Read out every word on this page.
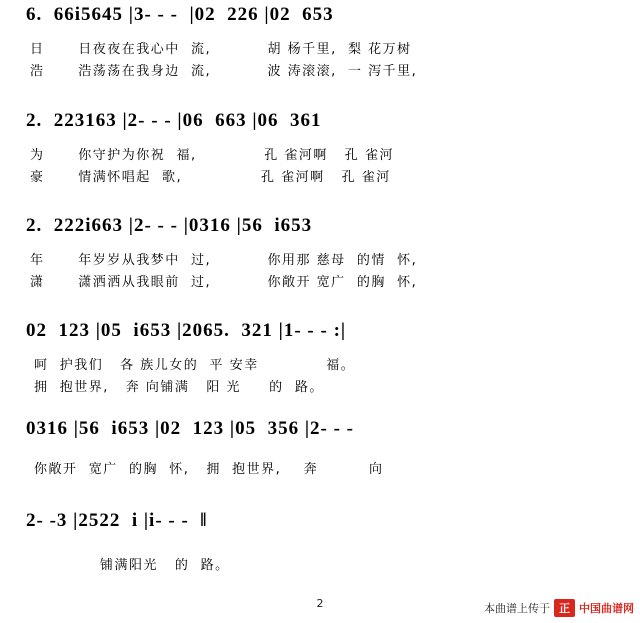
6.  66i5645 |3- - -  |02  226 |02  653
日      日夜夜在我心中  流,          胡 杨千里,  梨 花万树
浩      浩荡荡在我身边  流,          波 涛滚滚,  一 泻千里,
2.  223163 |2- - - |06  663 |06  361
为      你守护为你祝  福,            孔 雀河啊   孔 雀河
豪      情满怀唱起  歌,              孔 雀河啊   孔 雀河
2.  222i663 |2- - - |0316 |56  i653
年      年岁岁从我梦中  过,          你用那 慈母  的情  怀,
潇      潇洒洒从我眼前  过,          你敞开 宽广  的胸  怀,
02  123 |05  i653 |2065.  321 |1- - - :|
呵  护我们   各 族儿女的  平 安幸            福。
拥  抱世界,   奔 向铺满   阳 光     的  路。
0316 |56  i653 |02  123 |05  356 |2- - -
你敞开  宽广  的胸  怀,   拥  抱世界,    奔         向
2- -3 |2522  i |i- - -  ‖
铺满阳光   的  路。
2	本曲谱上传于 正 中国曲谱网
